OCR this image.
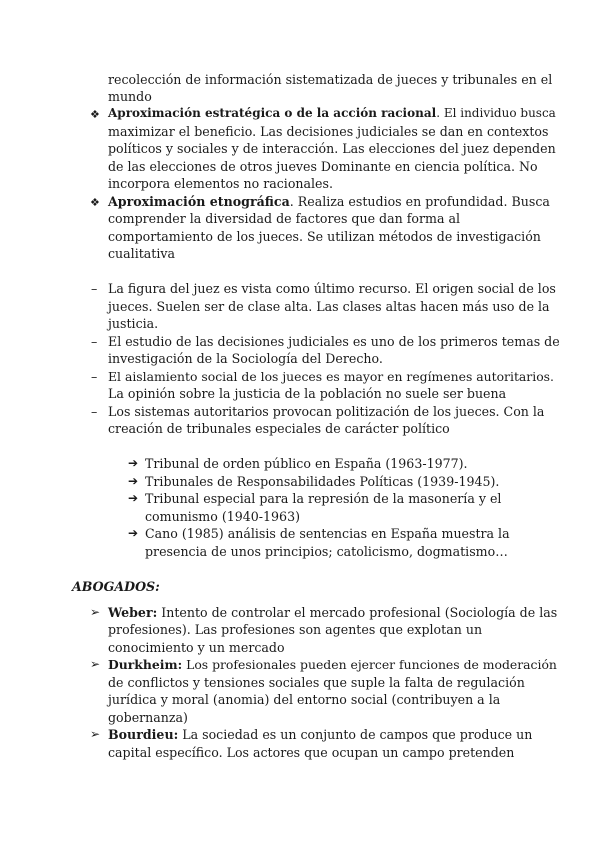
recolección de información sistematizada de jueces y tribunales en el
mundo
❖ Aproximación estratégica o de la acción racional. El individuo busca
maximizar el beneficio. Las decisiones judiciales se dan en contextos
políticos y sociales y de interacción. Las elecciones del juez dependen
de las elecciones de otros jueves Dominante en ciencia política. No
incorpora elementos no racionales.
❖ Aproximación etnográfica. Realiza estudios en profundidad. Busca
comprender la diversidad de factores que dan forma al
comportamiento de los jueces. Se utilizan métodos de investigación
cualitativa
– La figura del juez es vista como último recurso. El origen social de los
jueces. Suelen ser de clase alta. Las clases altas hacen más uso de la
justicia.
– El estudio de las decisiones judiciales es uno de los primeros temas de
investigación de la Sociología del Derecho.
– El aislamiento social de los jueces es mayor en regímenes autoritarios.
La opinión sobre la justicia de la población no suele ser buena
– Los sistemas autoritarios provocan politización de los jueces. Con la
creación de tribunales especiales de carácter político
➔ Tribunal de orden público en España (1963-1977).
➔ Tribunales de Responsabilidades Políticas (1939-1945).
➔ Tribunal especial para la represión de la masonería y el
comunismo (1940-1963)
➔ Cano (1985) análisis de sentencias en España muestra la
presencia de unos principios; catolicismo, dogmatismo…
ABOGADOS:
➢ Weber: Intento de controlar el mercado profesional (Sociología de las
profesiones). Las profesiones son agentes que explotan un
conocimiento y un mercado
➢ Durkheim: Los profesionales pueden ejercer funciones de moderación
de conflictos y tensiones sociales que suple la falta de regulación
jurídica y moral (anomia) del entorno social (contribuyen a la
gobernanza)
➢ Bourdieu: La sociedad es un conjunto de campos que produce un
capital específico. Los actores que ocupan un campo pretenden
